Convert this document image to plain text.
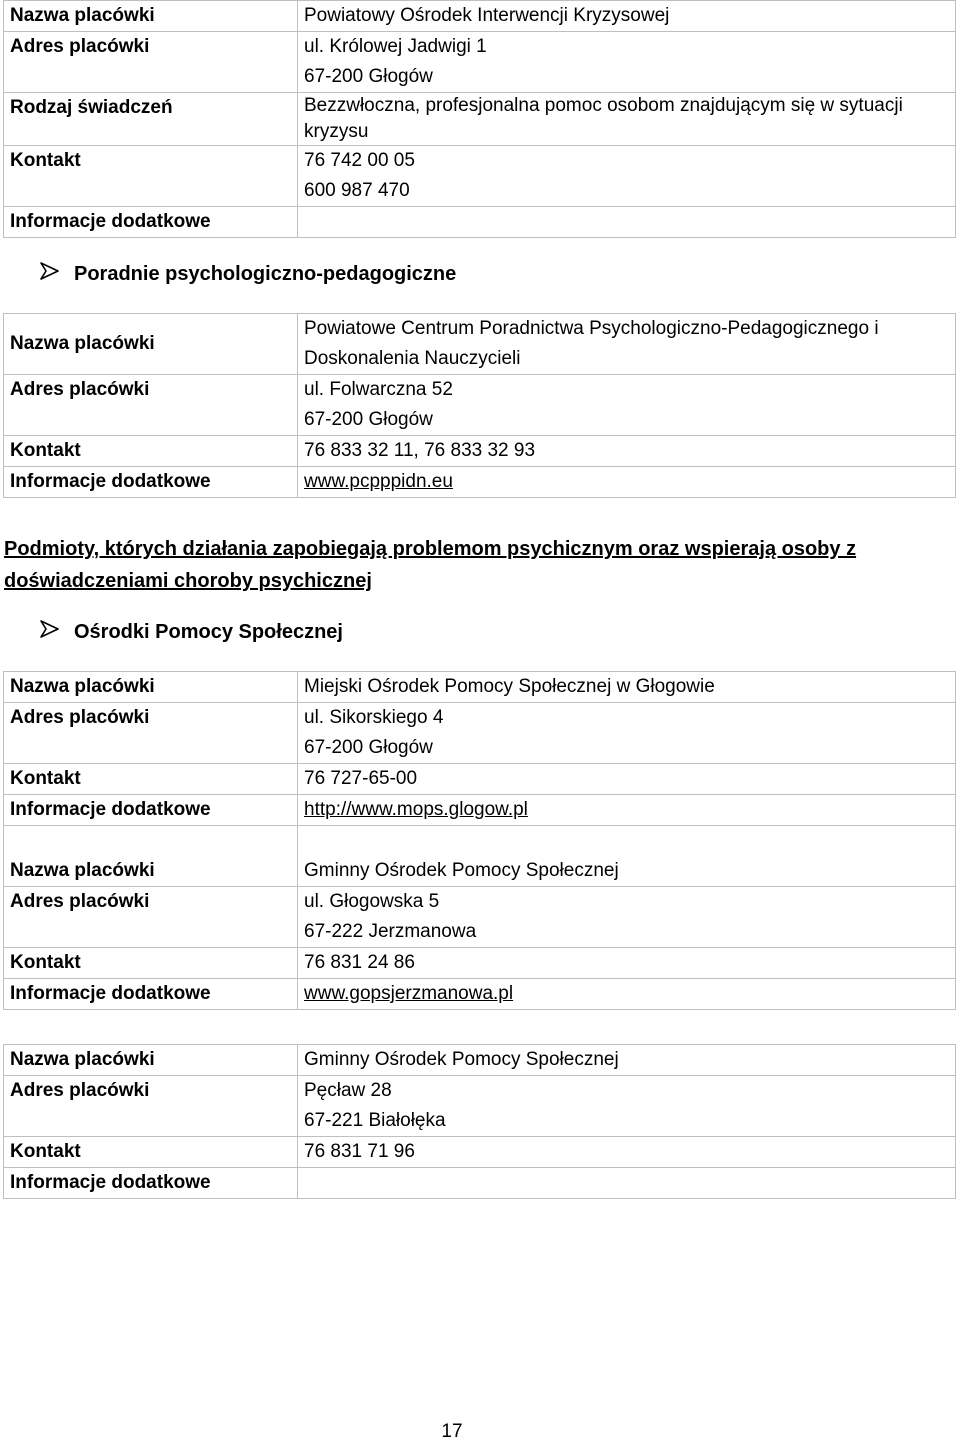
Nazwa placówki	Powiatowy Ośrodek Interwencji Kryzysowej
Adres placówki	ul. Królowej Jadwigi 1
67-200 Głogów

Rodzaj świadczeń	Bezzwłoczna, profesjonalna pomoc osobom znajdującym się w sytuacji
kryzysu

Kontakt	76 742 00 05
600 987 470

Informacje dodatkowe	
Poradnie psychologiczno-pedagogiczne
Nazwa placówki	Powiatowe Centrum Poradnictwa Psychologiczno-Pedagogicznego i
Doskonalenia Nauczycieli

Adres placówki	ul. Folwarczna 52
67-200 Głogów

Kontakt	76 833 32 11, 76 833 32 93
Informacje dodatkowe	www.pcpppidn.eu
Podmioty, których działania zapobiegają problemom psychicznym oraz wspierają osoby z doświadczeniami choroby psychicznej
Ośrodki Pomocy Społecznej
Nazwa placówki	Miejski Ośrodek Pomocy Społecznej w Głogowie
Adres placówki	ul. Sikorskiego 4
67-200 Głogów

Kontakt	76 727-65-00
Informacje dodatkowe	http://www.mops.glogow.pl

Nazwa placówki	Gminny Ośrodek Pomocy Społecznej
Adres placówki	ul. Głogowska 5
67-222 Jerzmanowa

Kontakt	76 831 24 86
Informacje dodatkowe	www.gopsjerzmanowa.pl
Nazwa placówki	Gminny Ośrodek Pomocy Społecznej
Adres placówki	Pęcław 28
67-221 Białołęka

Kontakt	76 831 71 96
Informacje dodatkowe	
17
